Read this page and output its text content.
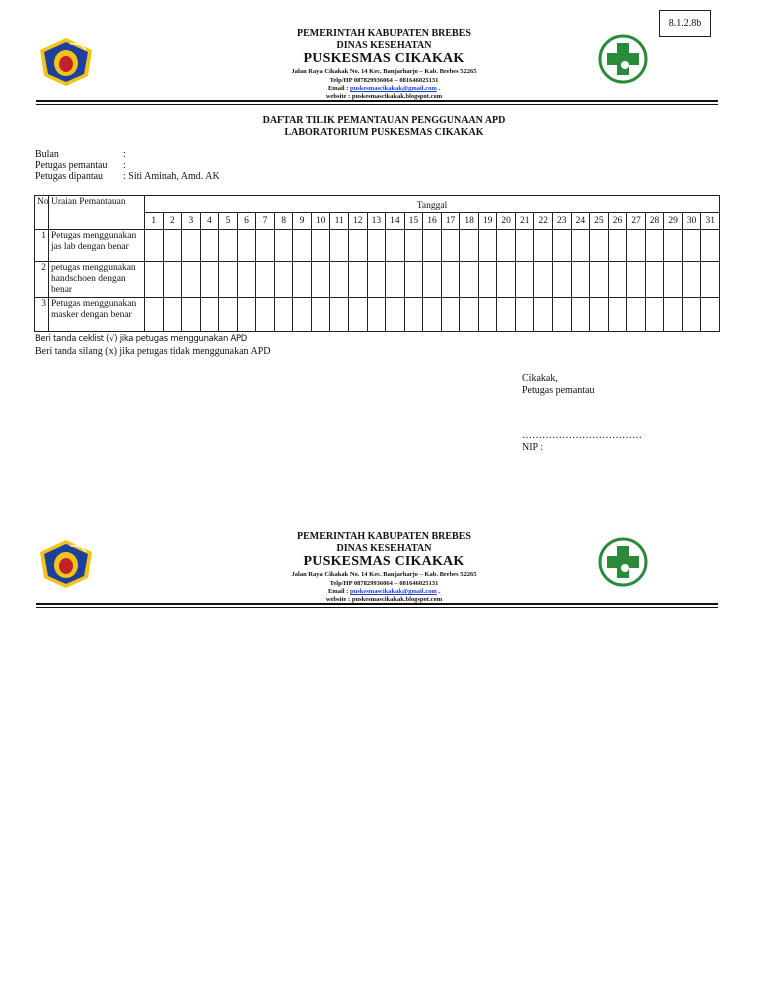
8.1.2.8b
PEMERINTAH KABUPATEN BREBES
DINAS KESEHATAN
PUSKESMAS CIKAKAK
Jalan Raya Cikakak No. 14 Kec. Banjarharjo – Kab. Brebes 52265
Telp/HP 087829936064 – 081646025131
Email : puskesmascikakak@gmail.com .
website : puskesmascikakak.blogspot.com
DAFTAR TILIK PEMANTAUAN PENGGUNAAN APD
LABORATORIUM PUSKESMAS CIKAKAK
Bulan	:
Petugas pemantau :
Petugas dipantau : Siti Aminah, Amd. AK
No	Uraian Pemantauan	Tanggal																														
		1	2	3	4	5	6	7	8	9	10	11	12	13	14	15	16	17	18	19	20	21	22	23	24	25	26	27	28	29	30	31
1	Petugas menggunakan jas lab dengan benar																															
2	petugas menggunakan handschoen dengan benar																															
3	Petugas menggunakan masker dengan benar																															
Beri tanda ceklist (√) jika petugas menggunakan APD
Beri tanda silang (x) jika petugas tidak menggunakan APD
Cikakak,
Petugas pemantau
………………………………
NIP :
PEMERINTAH KABUPATEN BREBES
DINAS KESEHATAN
PUSKESMAS CIKAKAK
Jalan Raya Cikakak No. 14 Kec. Banjarharjo – Kab. Brebes 52265
Telp/HP 087829936064 – 081646025131
Email : puskesmascikakak@gmail.com .
website : puskesmascikakak.blogspot.com
